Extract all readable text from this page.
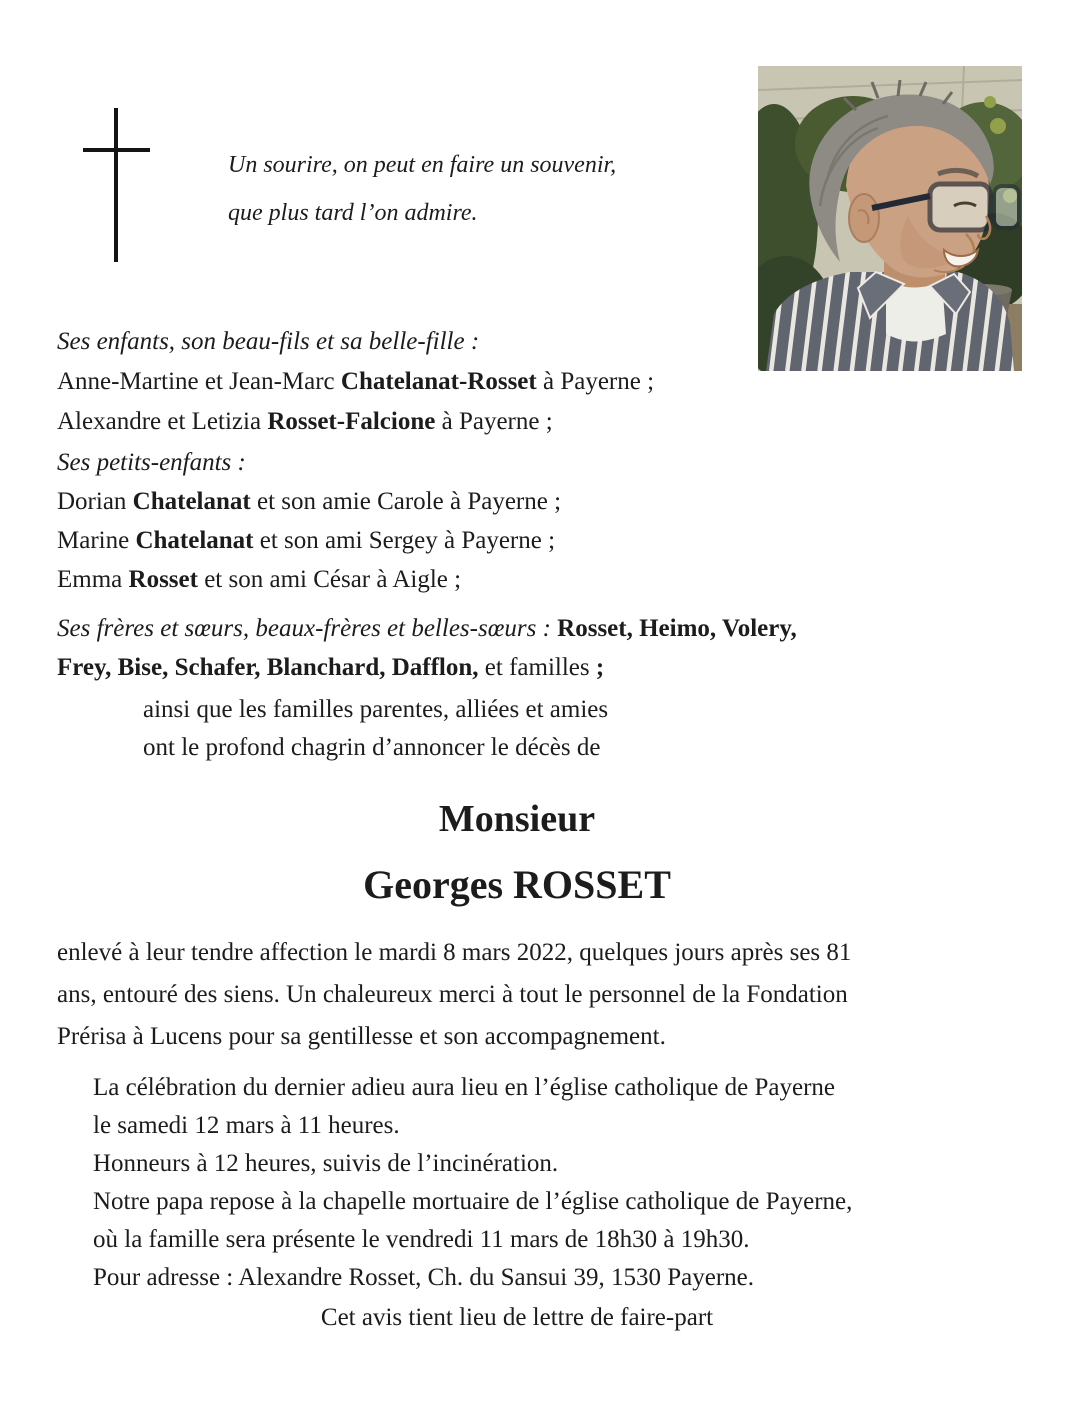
Un sourire, on peut en faire un souvenir,
que plus tard l’on admire.
Ses enfants, son beau-fils et sa belle-fille :
Anne-Martine et Jean-Marc Chatelanat-Rosset à Payerne ;
Alexandre et Letizia Rosset-Falcione à Payerne ;
Ses petits-enfants :
Dorian Chatelanat et son amie Carole à Payerne ;
Marine Chatelanat et son ami Sergey à Payerne ;
Emma Rosset et son ami César à Aigle ;
Ses frères et sœurs, beaux-frères et belles-sœurs : Rosset, Heimo, Volery,
Frey, Bise, Schafer, Blanchard, Dafflon, et familles ;
ainsi que les familles parentes, alliées et amies
ont le profond chagrin d’annoncer le décès de
Monsieur
Georges ROSSET
enlevé à leur tendre affection le mardi 8 mars 2022, quelques jours après ses 81
ans, entouré des siens. Un chaleureux merci à tout le personnel de la Fondation
Prérisa à Lucens pour sa gentillesse et son accompagnement.
La célébration du dernier adieu aura lieu en l’église catholique de Payerne
le samedi 12 mars à 11 heures.
Honneurs à 12 heures, suivis de l’incinération.
Notre papa repose à la chapelle mortuaire de l’église catholique de Payerne,
où la famille sera présente le vendredi 11 mars de 18h30 à 19h30.
Pour adresse : Alexandre Rosset, Ch. du Sansui 39, 1530 Payerne.
Cet avis tient lieu de lettre de faire-part
